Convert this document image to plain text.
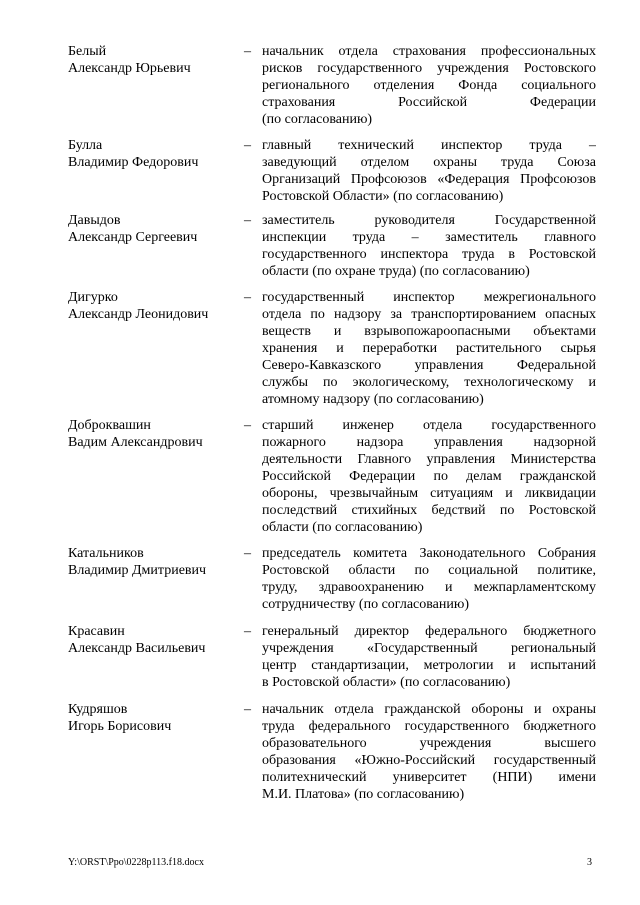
Белый
Александр Юрьевич
– начальник отдела страхования профессиональных
рисков государственного учреждения Ростовского
регионального отделения Фонда социального
страхования Российской Федерации
(по согласованию)
Булла
Владимир Федорович
– главный технический инспектор труда –
заведующий отделом охраны труда Союза
Организаций Профсоюзов «Федерация Профсоюзов
Ростовской Области» (по согласованию)
Давыдов
Александр Сергеевич
– заместитель руководителя Государственной
инспекции труда – заместитель главного
государственного инспектора труда в Ростовской
области (по охране труда) (по согласованию)
Дигурко
Александр Леонидович
– государственный инспектор межрегионального
отдела по надзору за транспортированием опасных
веществ и взрывопожароопасными объектами
хранения и переработки растительного сырья
Северо-Кавказского управления Федеральной
службы по экологическому, технологическому и
атомному надзору (по согласованию)
Доброквашин
Вадим Александрович
– старший инженер отдела государственного
пожарного надзора управления надзорной
деятельности Главного управления Министерства
Российской Федерации по делам гражданской
обороны, чрезвычайным ситуациям и ликвидации
последствий стихийных бедствий по Ростовской
области (по согласованию)
Катальников
Владимир Дмитриевич
– председатель комитета Законодательного Собрания
Ростовской области по социальной политике,
труду, здравоохранению и межпарламентскому
сотрудничеству (по согласованию)
Красавин
Александр Васильевич
– генеральный директор федерального бюджетного
учреждения «Государственный региональный
центр стандартизации, метрологии и испытаний
в Ростовской области» (по согласованию)
Кудряшов
Игорь Борисович
– начальник отдела гражданской обороны и охраны
труда федерального государственного бюджетного
образовательного учреждения высшего
образования «Южно-Российский государственный
политехнический университет (НПИ) имени
М.И. Платова» (по согласованию)
Y:\ORST\Ppo\0228p113.f18.docx	3
